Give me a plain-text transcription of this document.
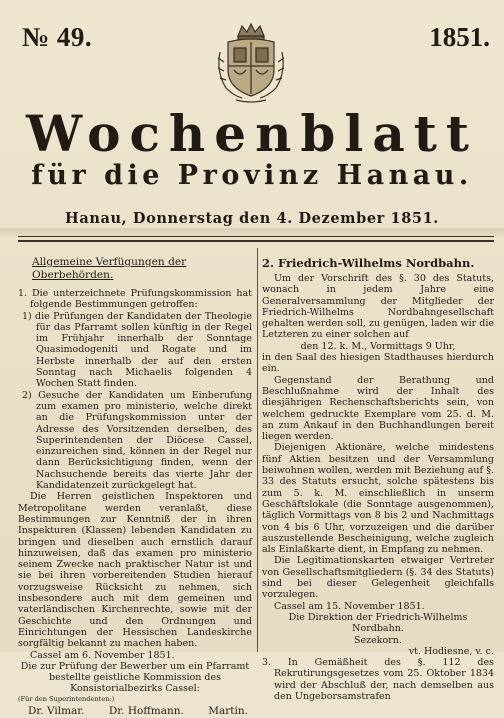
№ 49.	1851.
Wochenblatt
für die Provinz Hanau.
Hanau, Donnerstag den 4. Dezember 1851.

Allgemeine Verfügungen der Oberbehörden.

1. Die unterzeichnete Prüfungskommission hat folgende Bestimmungen getroffen:

1) die Prüfungen der Kandidaten der Theologie für das Pfarramt sollen künftig in der Regel im Frühjahr innerhalb der Sonntage Quasimodogeniti und Rogate und im Herbste innerhalb der auf den ersten Sonntag nach Michaelis folgenden 4 Wochen Statt finden.

2) Gesuche der Kandidaten um Einberufung zum examen pro ministerio, welche direkt an die Prüfungskommission unter der Adresse des Vorsitzenden derselben, des Superintendenten der Diöcese Cassel, einzureichen sind, können in der Regel nur dann Berücksichtigung finden, wenn der Nachsuchende bereits das vierte Jahr der Kandidatenzeit zurückgelegt hat.

Die Herren geistlichen Inspektoren und Metropolitane werden veranlaßt, diese Bestimmungen zur Kenntniß der in ihren Inspekturen (Klassen) lebenden Kandidaten zu bringen und dieselben auch ernstlich darauf hinzuweisen, daß das examen pro ministerio seinem Zwecke nach praktischer Natur ist und sie bei ihren vorbereitenden Studien hierauf vorzugsweise Rücksicht zu nehmen, sich insbesondere auch mit dem gemeinen und vaterländischen Kirchenrechte, sowie mit der Geschichte und den Ordnungen und Einrichtungen der Hessischen Landeskirche sorgfältig bekannt zu machen haben.

Cassel am 6. November 1851.

Die zur Prüfung der Bewerber um ein Pfarramt bestellte geistliche Kommission des Konsistorialbezirks Cassel:

(Für den Superintendenten:)

Dr. Vilmar. Dr. Hoffmann. Martin.
2. Friedrich-Wilhelms Nordbahn.

Um der Vorschrift des §. 30 des Statuts, wonach in jedem Jahre eine Generalversammlung der Mitglieder der Friedrich-Wilhelms Nordbahngesellschaft gehalten werden soll, zu genügen, laden wir die Letzteren zu einer solchen auf

den 12. k. M., Vormittags 9 Uhr,

in den Saal des hiesigen Stadthauses hierdurch ein.

Gegenstand der Berathung und Beschlußnahme wird der Inhalt des diesjährigen Rechenschaftsberichts sein, von welchem gedruckte Exemplare vom 25. d. M. an zum Ankauf in den Buchhandlungen bereit liegen werden.

Diejenigen Aktionäre, welche mindestens fünf Aktien besitzen und der Versammlung beiwohnen wollen, werden mit Beziehung auf §. 33 des Statuts ersucht, solche spätestens bis zum 5. k. M. einschließlich in unserm Geschäftslokale (die Sonntage ausgenommen), täglich Vormittags von 8 bis 2 und Nachmittags von 4 bis 6 Uhr, vorzuzeigen und die darüber auszustellende Bescheinigung, welche zugleich als Einlaßkarte dient, in Empfang zu nehmen.

Die Legitimationskarten etwaiger Vertreter von Gesellschaftsmitgliedern (§. 34 des Statuts) sind bei dieser Gelegenheit gleichfalls vorzulegen.

Cassel am 15. November 1851.

Die Direktion der Friedrich-Wilhelms Nordbahn.

Sezekorn.

vt. Hodiesne, v. c.

3. In Gemäßheit des §. 112 des Rekrutirungsgesetzes vom 25. Oktober 1834 wird der Abschluß der, nach demselben aus den Ungeborsamstrafen
